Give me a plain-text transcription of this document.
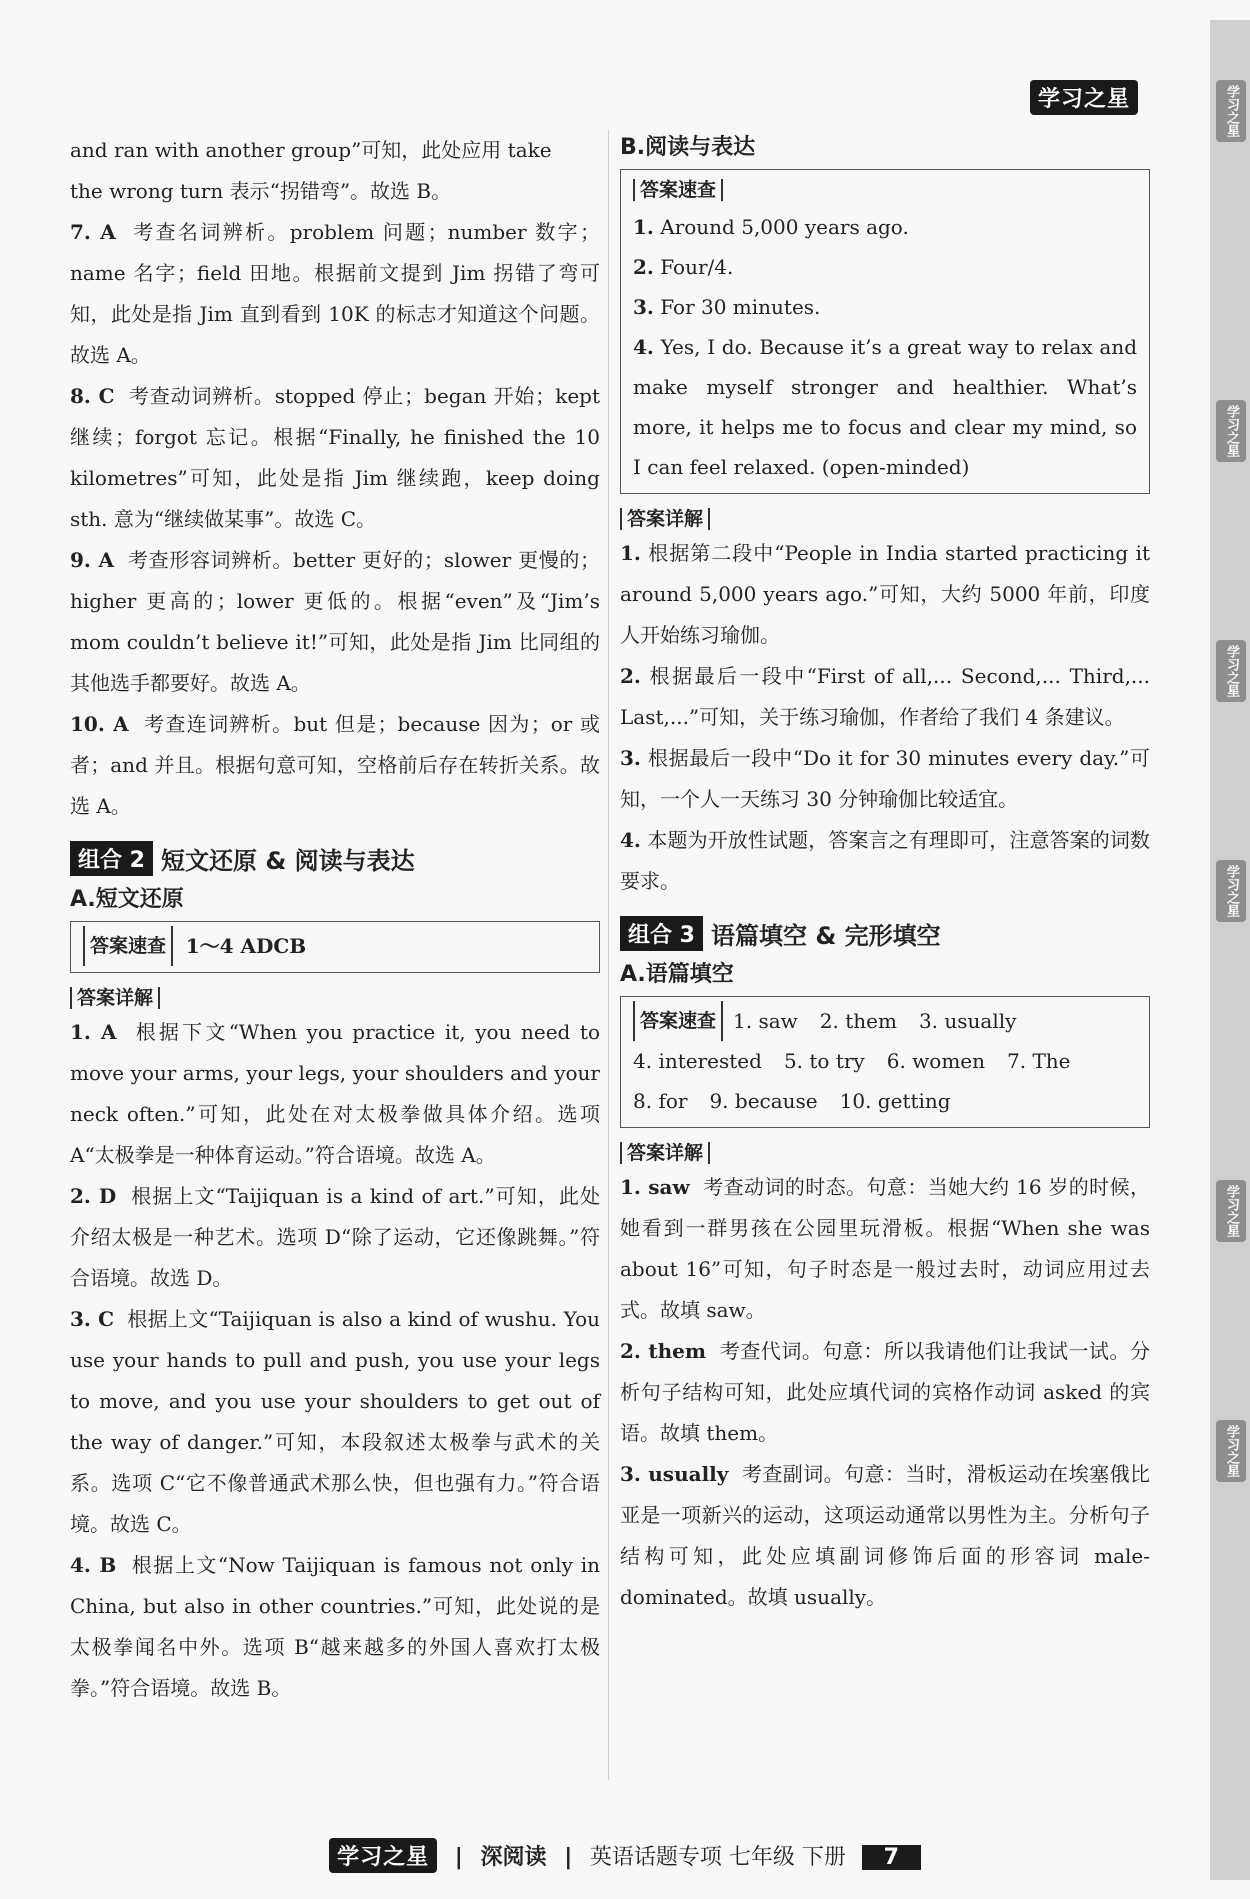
学习之星	学习之星
学习之星
学习之星
学习之星
学习之星
学习之星

and ran with another group”可知，此处应用 take

the wrong turn 表示“拐错弯”。故选 B。

7. A 考查名词辨析。problem 问题；number 数字；name 名字；field 田地。根据前文提到 Jim 拐错了弯可知，此处是指 Jim 直到看到 10K 的标志才知道这个问题。故选 A。

8. C 考查动词辨析。stopped 停止；began 开始；kept 继续；forgot 忘记。根据“Finally, he finished the 10 kilometres”可知，此处是指 Jim 继续跑，keep doing sth. 意为“继续做某事”。故选 C。

9. A 考查形容词辨析。better 更好的；slower 更慢的；higher 更高的；lower 更低的。根据“even”及“Jim’s mom couldn’t believe it!”可知，此处是指 Jim 比同组的其他选手都要好。故选 A。

10. A 考查连词辨析。but 但是；because 因为；or 或者；and 并且。根据句意可知，空格前后存在转折关系。故选 A。

组合 2 短文还原 & 阅读与表达
A.短文还原
答案速查
1～4 ADCB
答案详解

1. A 根据下文“When you practice it, you need to move your arms, your legs, your shoulders and your neck often.”可知，此处在对太极拳做具体介绍。选项 A“太极拳是一种体育运动。”符合语境。故选 A。

2. D 根据上文“Taijiquan is a kind of art.”可知，此处介绍太极是一种艺术。选项 D“除了运动，它还像跳舞。”符合语境。故选 D。

3. C 根据上文“Taijiquan is also a kind of wushu. You use your hands to pull and push, you use your legs to move, and you use your shoulders to get out of the way of danger.”可知，本段叙述太极拳与武术的关系。选项 C“它不像普通武术那么快，但也强有力。”符合语境。故选 C。

4. B 根据上文“Now Taijiquan is famous not only in China, but also in other countries.”可知，此处说的是太极拳闻名中外。选项 B“越来越多的外国人喜欢打太极拳。”符合语境。故选 B。

B.阅读与表达
答案速查

1. Around 5,000 years ago.

2. Four/4.

3. For 30 minutes.

4. Yes, I do. Because it’s a great way to relax and make myself stronger and healthier. What’s more, it helps me to focus and clear my mind, so I can feel relaxed. (open-minded)

答案详解

1. 根据第二段中“People in India started practicing it around 5,000 years ago.”可知，大约 5000 年前，印度人开始练习瑜伽。

2. 根据最后一段中“First of all,... Second,... Third,... Last,...”可知，关于练习瑜伽，作者给了我们 4 条建议。

3. 根据最后一段中“Do it for 30 minutes every day.”可知，一个人一天练习 30 分钟瑜伽比较适宜。

4. 本题为开放性试题，答案言之有理即可，注意答案的词数要求。

组合 3 语篇填空 & 完形填空
A.语篇填空
答案速查 1. saw 2. them 3. usually
4. interested 5. to try 6. women 7. The
8. for 9. because 10. getting
答案详解

1. saw 考查动词的时态。句意：当她大约 16 岁的时候，她看到一群男孩在公园里玩滑板。根据“When she was about 16”可知，句子时态是一般过去时，动词应用过去式。故填 saw。

2. them 考查代词。句意：所以我请他们让我试一试。分析句子结构可知，此处应填代词的宾格作动词 asked 的宾语。故填 them。

3. usually 考查副词。句意：当时，滑板运动在埃塞俄比亚是一项新兴的运动，这项运动通常以男性为主。分析句子结构可知，此处应填副词修饰后面的形容词 male-dominated。故填 usually。

学习之星 | 深阅读 | 英语话题专项 七年级 下册 7
